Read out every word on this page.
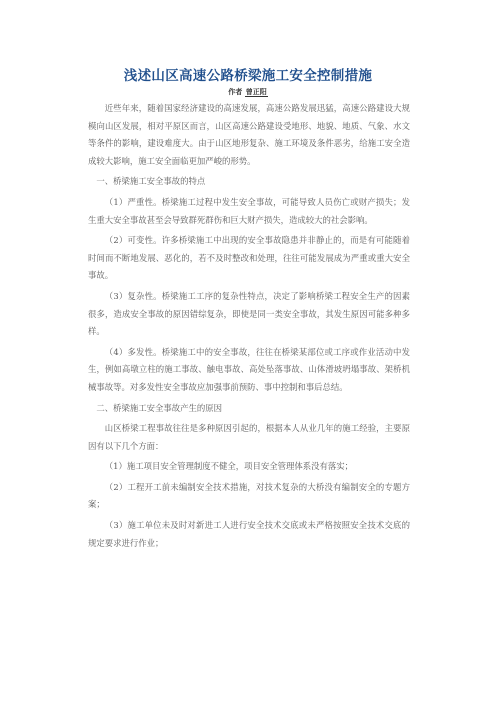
浅述山区高速公路桥梁施工安全控制措施
作者 曾正阳

近些年来，随着国家经济建设的高速发展，高速公路发展迅猛，高速公路建设大规模向山区发展，相对平原区而言，山区高速公路建设受地形、地貌、地质、气象、水文等条件的影响，建设难度大。由于山区地形复杂、施工环境及条件恶劣，给施工安全造成较大影响，施工安全面临更加严峻的形势。

一、桥梁施工安全事故的特点

（1）严重性。桥梁施工过程中发生安全事故，可能导致人员伤亡或财产损失；发生重大安全事故甚至会导致群死群伤和巨大财产损失，造成较大的社会影响。

（2）可变性。许多桥梁施工中出现的安全事故隐患并非静止的，而是有可能随着时间而不断地发展、恶化的，若不及时整改和处理，往往可能发展成为严重或重大安全事故。

（3）复杂性。桥梁施工工序的复杂性特点，决定了影响桥梁工程安全生产的因素很多，造成安全事故的原因错综复杂，即使是同一类安全事故，其发生原因可能多种多样。

（4）多发性。桥梁施工中的安全事故，往往在桥梁某部位或工序或作业活动中发生，例如高墩立柱的施工事故、触电事故、高处坠落事故、山体滑坡坍塌事故、架桥机械事故等。对多发性安全事故应加强事前预防、事中控制和事后总结。

二、桥梁施工安全事故产生的原因

山区桥梁工程事故往往是多种原因引起的，根据本人从业几年的施工经验，主要原因有以下几个方面：

（1）施工项目安全管理制度不健全，项目安全管理体系没有落实；

（2）工程开工前未编制安全技术措施，对技术复杂的大桥没有编制安全的专题方案；

（3）施工单位未及时对新进工人进行安全技术交底或未严格按照安全技术交底的规定要求进行作业；
